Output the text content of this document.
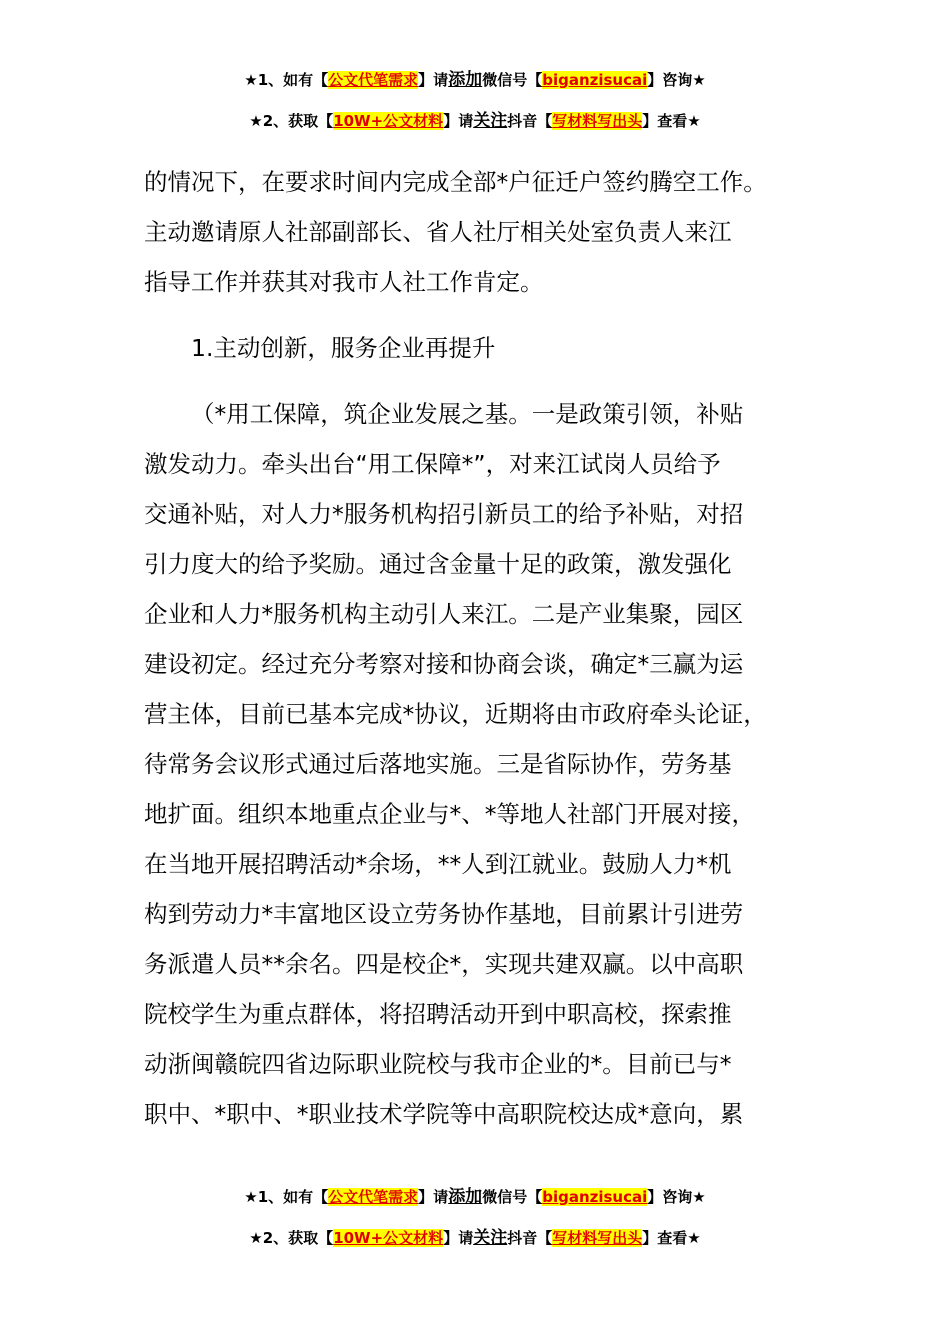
★1、如有【公文代笔需求】请添加微信号【biganzisucai】咨询★
★2、获取【10W+公文材料】请关注抖音【写材料写出头】查看★

的情况下，在要求时间内完成全部*户征迁户签约腾空工作。
主动邀请原人社部副部长、省人社厅相关处室负责人来江
指导工作并获其对我市人社工作肯定。

1.主动创新，服务企业再提升

（*用工保障，筑企业发展之基。一是政策引领，补贴
激发动力。牵头出台“用工保障*”，对来江试岗人员给予
交通补贴，对人力*服务机构招引新员工的给予补贴，对招
引力度大的给予奖励。通过含金量十足的政策，激发强化
企业和人力*服务机构主动引人来江。二是产业集聚，园区
建设初定。经过充分考察对接和协商会谈，确定*三赢为运
营主体，目前已基本完成*协议，近期将由市政府牵头论证，
待常务会议形式通过后落地实施。三是省际协作，劳务基
地扩面。组织本地重点企业与*、*等地人社部门开展对接，
在当地开展招聘活动*余场，**人到江就业。鼓励人力*机
构到劳动力*丰富地区设立劳务协作基地，目前累计引进劳
务派遣人员**余名。四是校企*，实现共建双赢。以中高职
院校学生为重点群体，将招聘活动开到中职高校，探索推
动浙闽赣皖四省边际职业院校与我市企业的*。目前已与*
职中、*职中、*职业技术学院等中高职院校达成*意向，累

★1、如有【公文代笔需求】请添加微信号【biganzisucai】咨询★
★2、获取【10W+公文材料】请关注抖音【写材料写出头】查看★
